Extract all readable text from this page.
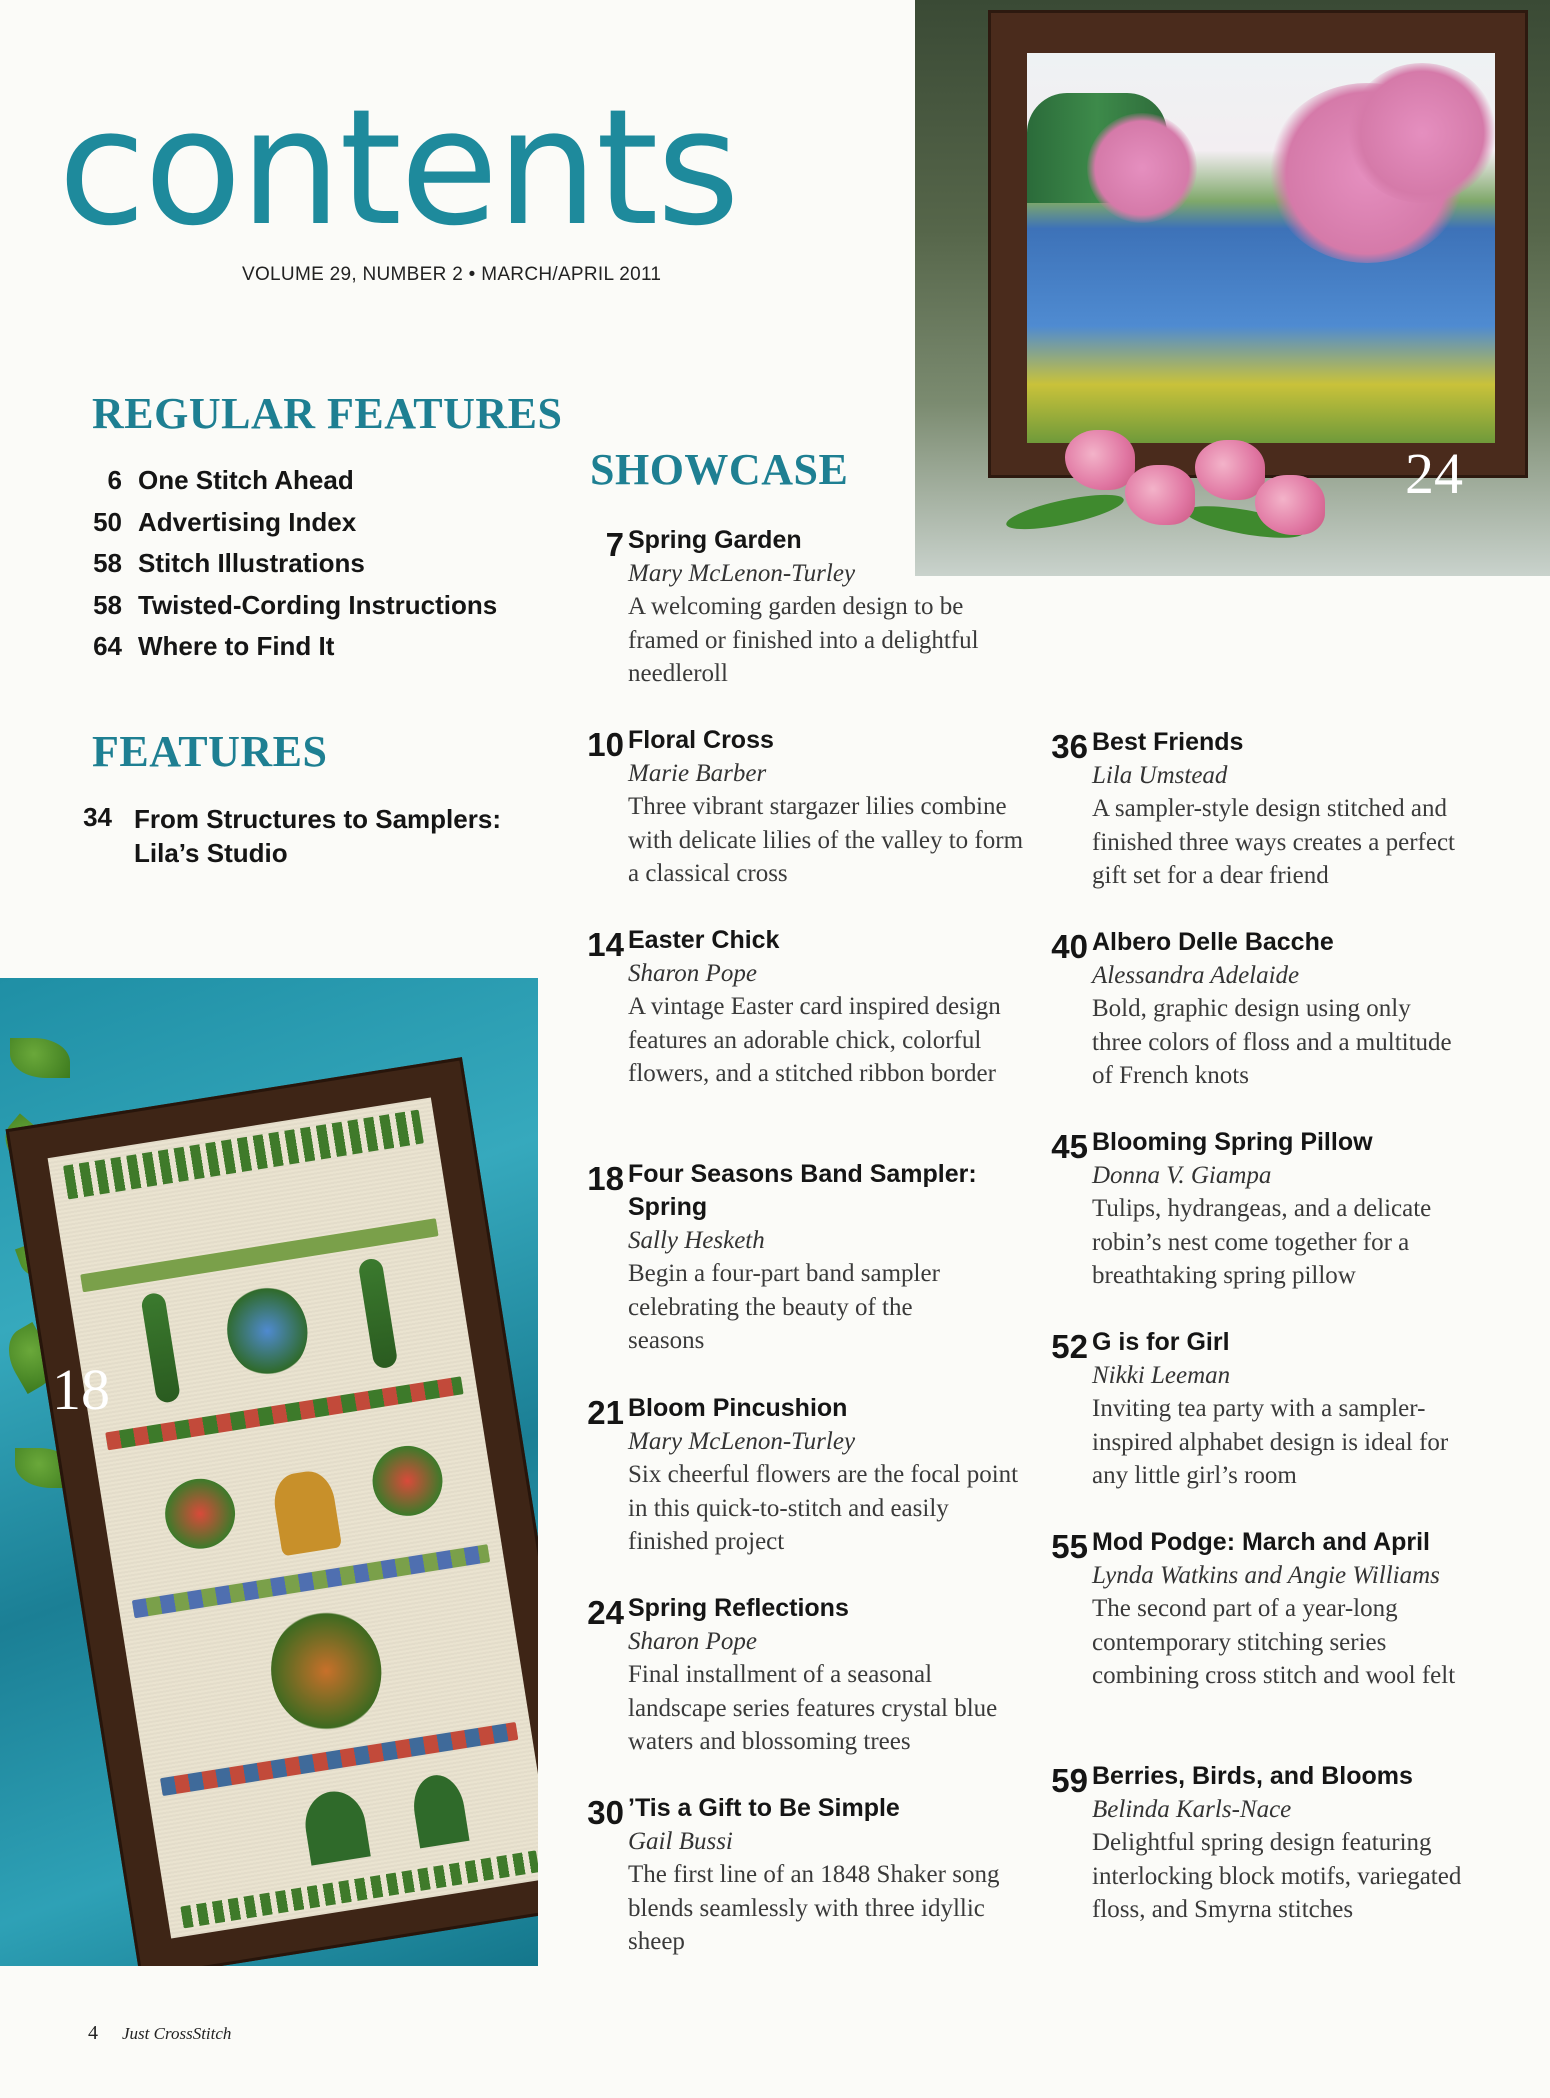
contents
VOLUME 29, NUMBER 2 • MARCH/APRIL 2011
24
REGULAR FEATURES
6 One Stitch Ahead
50 Advertising Index
58 Stitch Illustrations
58 Twisted-Cording Instructions
64 Where to Find It
FEATURES
34 From Structures to Samplers: Lila’s Studio
SHOWCASE
7 Spring Garden
Mary McLenon-Turley
A welcoming garden design to be framed or finished into a delightful needleroll
10 Floral Cross
Marie Barber
Three vibrant stargazer lilies combine with delicate lilies of the valley to form a classical cross
14 Easter Chick
Sharon Pope
A vintage Easter card inspired design features an adorable chick, colorful flowers, and a stitched ribbon border
18 Four Seasons Band Sampler: Spring
Sally Hesketh
Begin a four-part band sampler celebrating the beauty of the seasons
21 Bloom Pincushion
Mary McLenon-Turley
Six cheerful flowers are the focal point in this quick-to-stitch and easily finished project
24 Spring Reflections
Sharon Pope
Final installment of a seasonal landscape series features crystal blue waters and blossoming trees
30 ’Tis a Gift to Be Simple
Gail Bussi
The first line of an 1848 Shaker song blends seamlessly with three idyllic sheep
36 Best Friends
Lila Umstead
A sampler-style design stitched and finished three ways creates a perfect gift set for a dear friend
40 Albero Delle Bacche
Alessandra Adelaide
Bold, graphic design using only three colors of floss and a multitude of French knots
45 Blooming Spring Pillow
Donna V. Giampa
Tulips, hydrangeas, and a delicate robin’s nest come together for a breathtaking spring pillow
52 G is for Girl
Nikki Leeman
Inviting tea party with a sampler-inspired alphabet design is ideal for any little girl’s room
55 Mod Podge: March and April
Lynda Watkins and Angie Williams
The second part of a year-long contemporary stitching series combining cross stitch and wool felt
59 Berries, Birds, and Blooms
Belinda Karls-Nace
Delightful spring design featuring interlocking block motifs, variegated floss, and Smyrna stitches
18
4 Just CrossStitch
